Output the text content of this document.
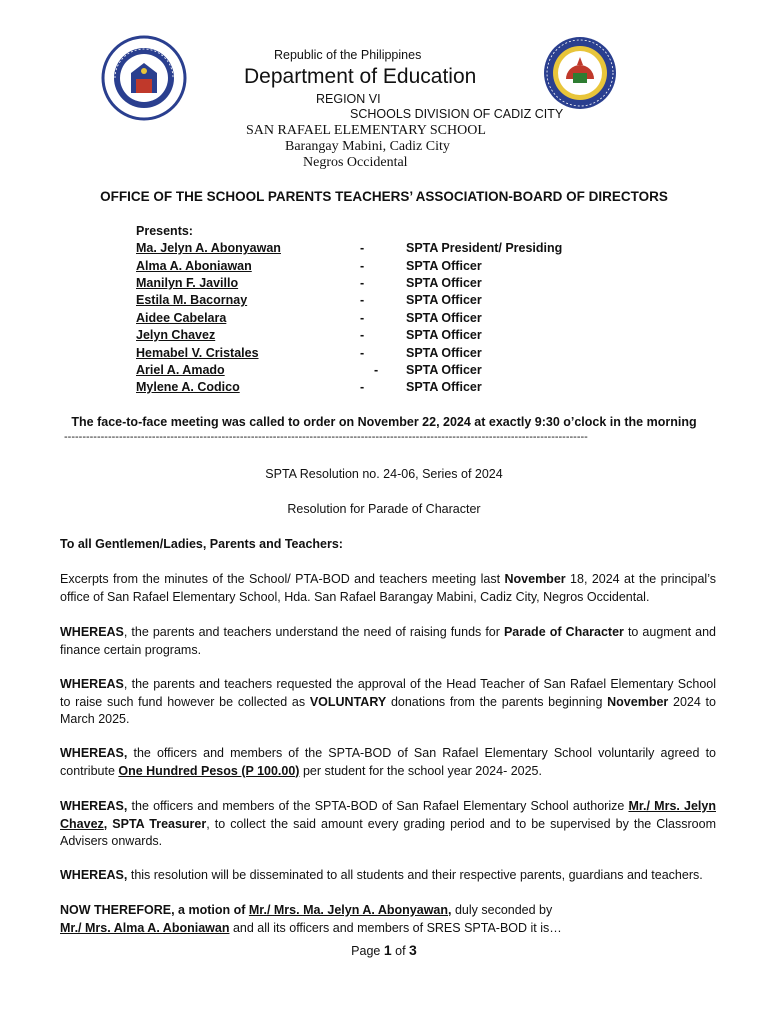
Republic of the Philippines
Department of Education
REGION VI
SCHOOLS DIVISION OF CADIZ CITY
SAN RAFAEL ELEMENTARY SCHOOL
Barangay Mabini, Cadiz City
Negros Occidental
OFFICE OF THE SCHOOL PARENTS TEACHERS’ ASSOCIATION-BOARD OF DIRECTORS
Presents:
Ma. Jelyn A. Abonyawan	-	SPTA President/ Presiding
Alma A. Aboniawan	-	SPTA Officer
Manilyn F. Javillo	-	SPTA Officer
Estila M. Bacornay	-	SPTA Officer
Aidee Cabelara	-	SPTA Officer
Jelyn Chavez	-	SPTA Officer
Hemabel V. Cristales	-	SPTA Officer
Ariel A. Amado	- SPTA Officer
Mylene A. Codico	-	SPTA Officer
The face-to-face meeting was called to order on November 22, 2024 at exactly 9:30 o’clock in the morning
-----------------------------------------------------------------------------------------------------------------------------------------------
SPTA Resolution no. 24-06, Series of 2024
Resolution for Parade of Character
To all Gentlemen/Ladies, Parents and Teachers:
Excerpts from the minutes of the School/ PTA-BOD and teachers meeting last November 18, 2024 at the principal’s office of San Rafael Elementary School, Hda. San Rafael Barangay Mabini, Cadiz City, Negros Occidental.
WHEREAS, the parents and teachers understand the need of raising funds for Parade of Character to augment and finance certain programs.
WHEREAS, the parents and teachers requested the approval of the Head Teacher of San Rafael Elementary School to raise such fund however be collected as VOLUNTARY donations from the parents beginning November 2024 to March 2025.
WHEREAS, the officers and members of the SPTA-BOD of San Rafael Elementary School voluntarily agreed to contribute One Hundred Pesos (P 100.00) per student for the school year 2024- 2025.
WHEREAS, the officers and members of the SPTA-BOD of San Rafael Elementary School authorize Mr./ Mrs. Jelyn Chavez, SPTA Treasurer, to collect the said amount every grading period and to be supervised by the Classroom Advisers onwards.
WHEREAS, this resolution will be disseminated to all students and their respective parents, guardians and teachers.
NOW THEREFORE, a motion of Mr./ Mrs. Ma. Jelyn A. Abonyawan, duly seconded by
Mr./ Mrs. Alma A. Aboniawan and all its officers and members of SRES SPTA-BOD it is…
Page 1 of 3
